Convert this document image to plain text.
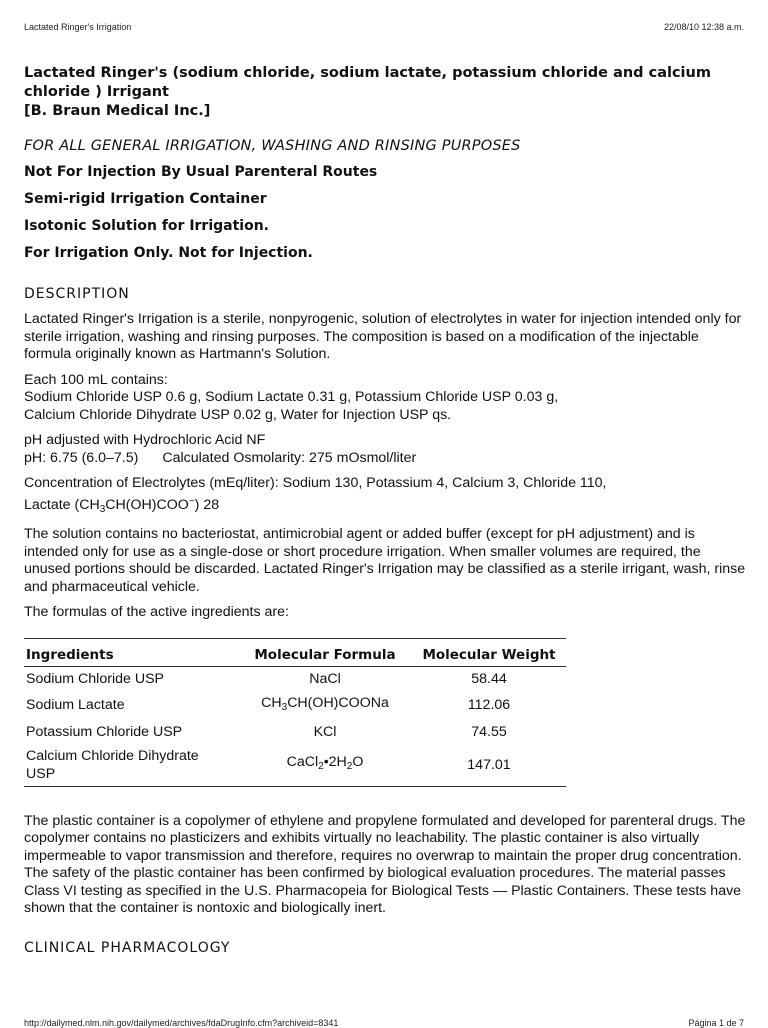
Lactated Ringer's Irrigation	22/08/10 12:38 a.m.

Lactated Ringer's (sodium chloride, sodium lactate, potassium chloride and calcium
chloride ) Irrigant
[B. Braun Medical Inc.]

FOR ALL GENERAL IRRIGATION, WASHING AND RINSING PURPOSES

Not For Injection By Usual Parenteral Routes

Semi-rigid Irrigation Container

Isotonic Solution for Irrigation.

For Irrigation Only. Not for Injection.

DESCRIPTION

Lactated Ringer's Irrigation is a sterile, nonpyrogenic, solution of electrolytes in water for injection intended only for sterile irrigation, washing and rinsing purposes. The composition is based on a modification of the injectable formula originally known as Hartmann's Solution.

Each 100 mL contains:
Sodium Chloride USP 0.6 g, Sodium Lactate 0.31 g, Potassium Chloride USP 0.03 g,
Calcium Chloride Dihydrate USP 0.02 g, Water for Injection USP qs.

pH adjusted with Hydrochloric Acid NF
pH: 6.75 (6.0–7.5) Calculated Osmolarity: 275 mOsmol/liter

Concentration of Electrolytes (mEq/liter): Sodium 130, Potassium 4, Calcium 3, Chloride 110,
Lactate $(CH_3CH(OH)COO^-)$ 28

The solution contains no bacteriostat, antimicrobial agent or added buffer (except for pH adjustment) and is intended only for use as a single-dose or short procedure irrigation. When smaller volumes are required, the unused portions should be discarded. Lactated Ringer's Irrigation may be classified as a sterile irrigant, wash, rinse and pharmaceutical vehicle.

The formulas of the active ingredients are:

Ingredients	Molecular Formula	Molecular Weight
Sodium Chloride USP	NaCl	58.44
Sodium Lactate	$CH_3CH(OH)COONa$	112.06
Potassium Chloride USP	KCl	74.55
Calcium Chloride Dihydrate
USP	$CaCl_2•2H_2O$	147.01

The plastic container is a copolymer of ethylene and propylene formulated and developed for parenteral drugs. The copolymer contains no plasticizers and exhibits virtually no leachability. The plastic container is also virtually impermeable to vapor transmission and therefore, requires no overwrap to maintain the proper drug concentration. The safety of the plastic container has been confirmed by biological evaluation procedures. The material passes Class VI testing as specified in the U.S. Pharmacopeia for Biological Tests — Plastic Containers. These tests have shown that the container is nontoxic and biologically inert.

CLINICAL PHARMACOLOGY

http://dailymed.nlm.nih.gov/dailymed/archives/fdaDrugInfo.cfm?archiveid=8341	Página 1 de 7
